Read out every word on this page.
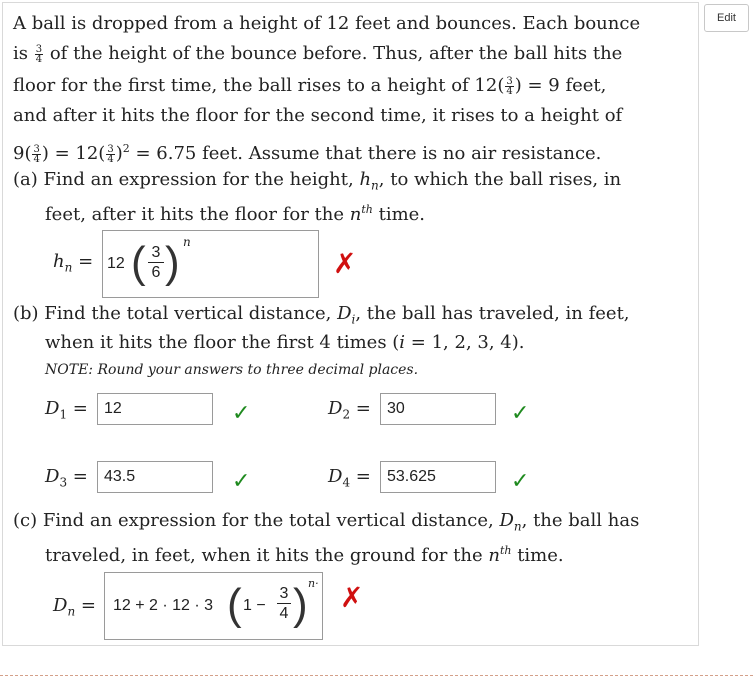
Edit
A ball is dropped from a height of 12 feet and bounces. Each bounce
is $\frac{3}{4}$ of the height of the bounce before. Thus, after the ball hits the
floor for the first time, the ball rises to a height of $12( \frac{3}{4}$ ) = 9 feet,
and after it hits the floor for the second time, it rises to a height of
$9( \frac{3}{4}$ ) = $12( \frac{3}{4} )^2 = 6.75$ feet. Assume that there is no air resistance.
(a) Find an expression for the height, $h_n$, to which the ball rises, in
feet, after it hits the floor for the $n^{th}$ time.
$h_n = 12$ ( $\frac{3}{6}$ ) n
✗
(b) Find the total vertical distance, $D_i$, the ball has traveled, in feet,
when it hits the floor the first 4 times (i = 1, 2, 3, 4).
NOTE: Round your answers to three decimal places.
$D_1$ =	12	✓	$D_2$ =	30	✓
$D_3$ =	43.5	✓	$D_4$ =	53.625	✓
(c) Find an expression for the total vertical distance, $D_n$, the ball has
traveled, in feet, when it hits the ground for the $n^{th}$ time.
$D_n = 12 + 2 \cdot 12 \cdot 3$ ( $1 - \frac{3}{4}$ ) n· ✗
